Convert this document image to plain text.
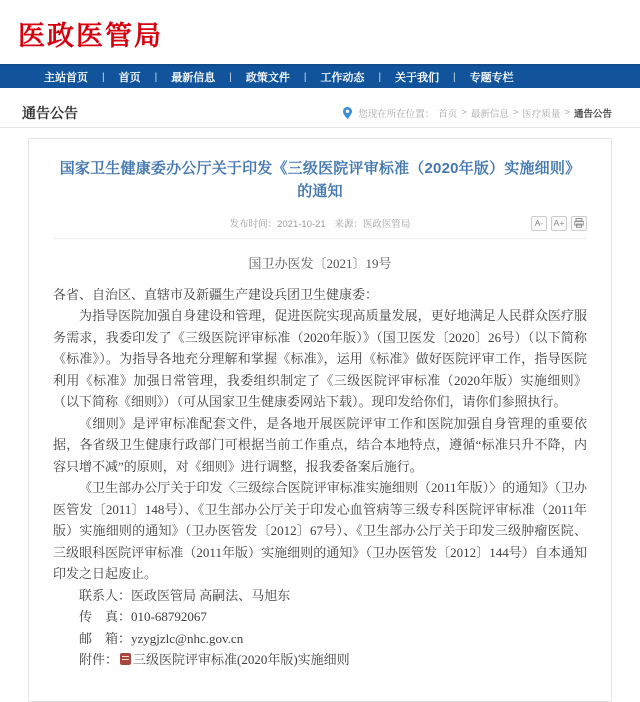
医政医管局
主站首页	|	首页	|	最新信息	|	政策文件	|	工作动态	|	关于我们	|	专题专栏
通告公告	您现在所在位置： 首页 > 最新信息 > 医疗质量 > 通告公告
国家卫生健康委办公厅关于印发《三级医院评审标准（2020年版）实施细则》的通知
发布时间：2021-10-21 来源：医政医管局	A-	A+
国卫办医发〔2021〕19号

各省、自治区、直辖市及新疆生产建设兵团卫生健康委：

为指导医院加强自身建设和管理，促进医院实现高质量发展，更好地满足人民群众医疗服务需求，我委印发了《三级医院评审标准（2020年版）》（国卫医发〔2020〕26号）（以下简称《标准》）。为指导各地充分理解和掌握《标准》，运用《标准》做好医院评审工作，指导医院利用《标准》加强日常管理，我委组织制定了《三级医院评审标准（2020年版）实施细则》（以下简称《细则》）（可从国家卫生健康委网站下载）。现印发给你们，请你们参照执行。

《细则》是评审标准配套文件，是各地开展医院评审工作和医院加强自身管理的重要依据，各省级卫生健康行政部门可根据当前工作重点，结合本地特点，遵循“标准只升不降，内容只增不减”的原则，对《细则》进行调整，报我委备案后施行。

《卫生部办公厅关于印发〈三级综合医院评审标准实施细则（2011年版）〉的通知》（卫办医管发〔2011〕148号）、《卫生部办公厅关于印发心血管病等三级专科医院评审标准（2011年版）实施细则的通知》（卫办医管发〔2012〕67号）、《卫生部办公厅关于印发三级肿瘤医院、三级眼科医院评审标准（2011年版）实施细则的通知》（卫办医管发〔2012〕144号）自本通知印发之日起废止。

联系人：医政医管局 高嗣法、马旭东

传　真：010-68792067

邮　箱：yzygjzlc@nhc.gov.cn

附件： 三级医院评审标准(2020年版)实施细则
